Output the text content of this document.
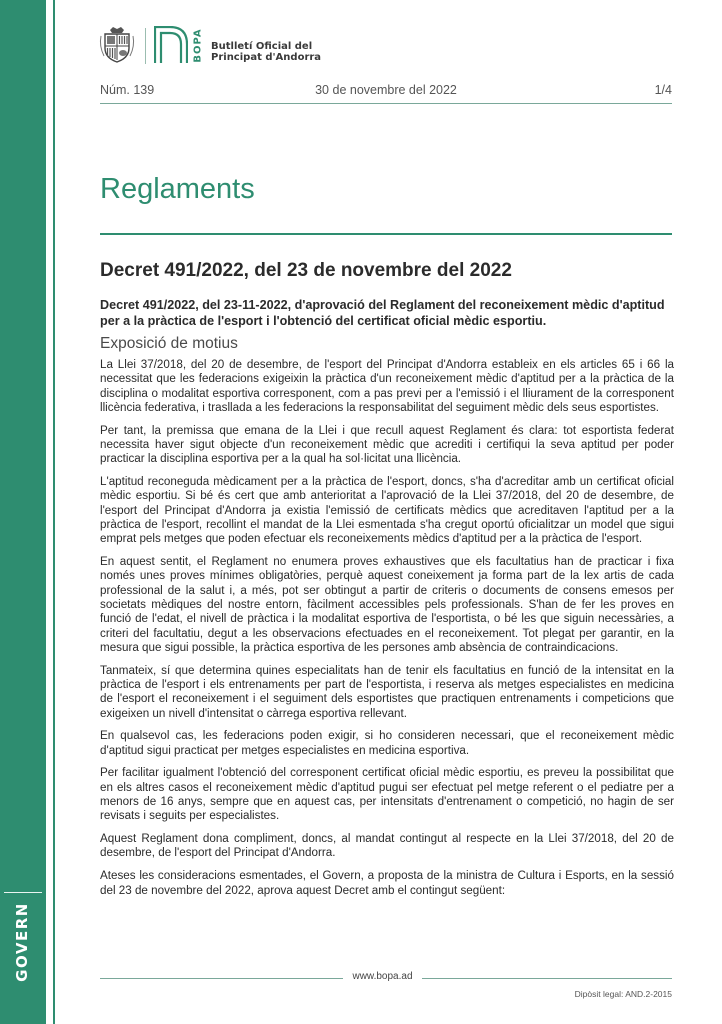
GOVERN
BOPA Butlletí Oficial del
Principat d'Andorra
Núm. 139	30 de novembre del 2022	1/4
Reglaments
Decret 491/2022, del 23 de novembre del 2022
Decret 491/2022, del 23-11-2022, d'aprovació del Reglament del reconeixement mèdic d'aptitud per a la pràctica de l'esport i l'obtenció del certificat oficial mèdic esportiu.
Exposició de motius

La Llei 37/2018, del 20 de desembre, de l'esport del Principat d'Andorra estableix en els articles 65 i 66 la necessitat que les federacions exigeixin la pràctica d'un reconeixement mèdic d'aptitud per a la pràctica de la disciplina o modalitat esportiva corresponent, com a pas previ per a l'emissió i el lliurament de la corresponent llicència federativa, i trasllada a les federacions la responsabilitat del seguiment mèdic dels seus esportistes.

Per tant, la premissa que emana de la Llei i que recull aquest Reglament és clara: tot esportista federat necessita haver sigut objecte d'un reconeixement mèdic que acrediti i certifiqui la seva aptitud per poder practicar la disciplina esportiva per a la qual ha sol·licitat una llicència.

L'aptitud reconeguda mèdicament per a la pràctica de l'esport, doncs, s'ha d'acreditar amb un certificat oficial mèdic esportiu. Si bé és cert que amb anterioritat a l'aprovació de la Llei 37/2018, del 20 de desembre, de l'esport del Principat d'Andorra ja existia l'emissió de certificats mèdics que acreditaven l'aptitud per a la pràctica de l'esport, recollint el mandat de la Llei esmentada s'ha cregut oportú oficialitzar un model que sigui emprat pels metges que poden efectuar els reconeixements mèdics d'aptitud per a la pràctica de l'esport.

En aquest sentit, el Reglament no enumera proves exhaustives que els facultatius han de practicar i fixa només unes proves mínimes obligatòries, perquè aquest coneixement ja forma part de la lex artis de cada professional de la salut i, a més, pot ser obtingut a partir de criteris o documents de consens emesos per societats mèdiques del nostre entorn, fàcilment accessibles pels professionals. S'han de fer les proves en funció de l'edat, el nivell de pràctica i la modalitat esportiva de l'esportista, o bé les que siguin necessàries, a criteri del facultatiu, degut a les observacions efectuades en el reconeixement. Tot plegat per garantir, en la mesura que sigui possible, la pràctica esportiva de les persones amb absència de contraindicacions.

Tanmateix, sí que determina quines especialitats han de tenir els facultatius en funció de la intensitat en la pràctica de l'esport i els entrenaments per part de l'esportista, i reserva als metges especialistes en medicina de l'esport el reconeixement i el seguiment dels esportistes que practiquen entrenaments i competicions que exigeixen un nivell d'intensitat o càrrega esportiva rellevant.

En qualsevol cas, les federacions poden exigir, si ho consideren necessari, que el reconeixement mèdic d'aptitud sigui practicat per metges especialistes en medicina esportiva.

Per facilitar igualment l'obtenció del corresponent certificat oficial mèdic esportiu, es preveu la possibilitat que en els altres casos el reconeixement mèdic d'aptitud pugui ser efectuat pel metge referent o el pediatre per a menors de 16 anys, sempre que en aquest cas, per intensitats d'entrenament o competició, no hagin de ser revisats i seguits per especialistes.

Aquest Reglament dona compliment, doncs, al mandat contingut al respecte en la Llei 37/2018, del 20 de desembre, de l'esport del Principat d'Andorra.

Ateses les consideracions esmentades, el Govern, a proposta de la ministra de Cultura i Esports, en la sessió del 23 de novembre del 2022, aprova aquest Decret amb el contingut següent:

www.bopa.ad
Dipòsit legal: AND.2-2015
